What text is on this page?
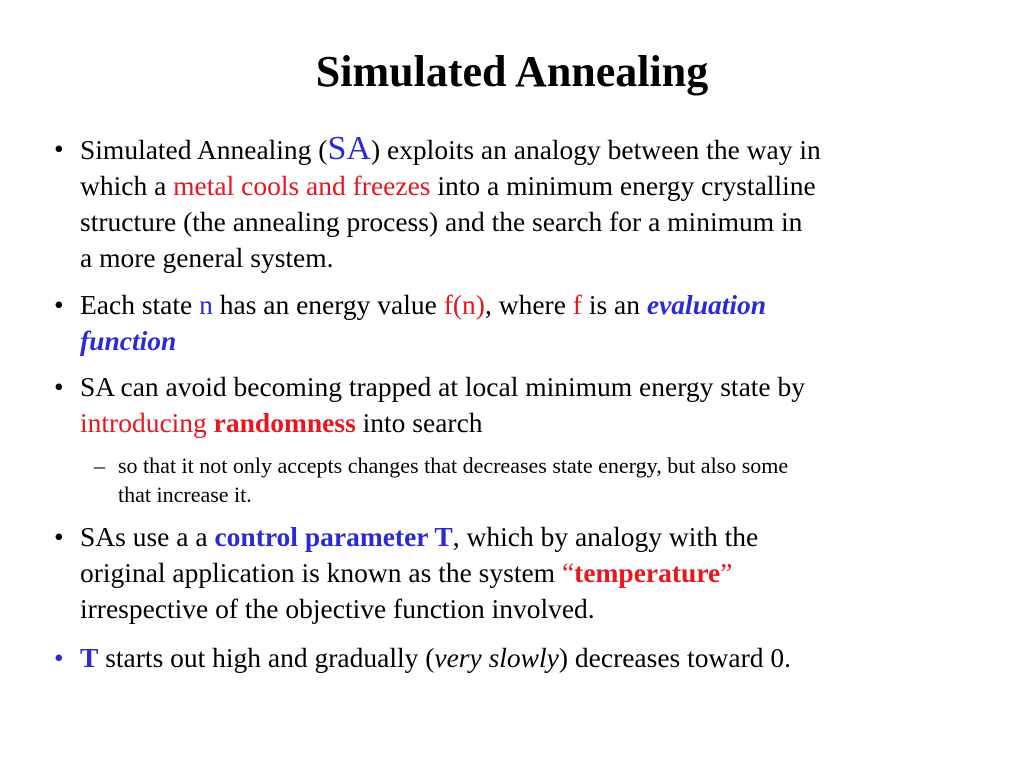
Simulated Annealing
• Simulated Annealing (SA) exploits an analogy between the way in
which a metal cools and freezes into a minimum energy crystalline
structure (the annealing process) and the search for a minimum in
a more general system.
• Each state n has an energy value f(n), where f is an evaluation
function
• SA can avoid becoming trapped at local minimum energy state by
introducing randomness into search
– so that it not only accepts changes that decreases state energy, but also some
that increase it.
• SAs use a a control parameter T, which by analogy with the
original application is known as the system “temperature”
irrespective of the objective function involved.
• T starts out high and gradually (very slowly) decreases toward 0.
